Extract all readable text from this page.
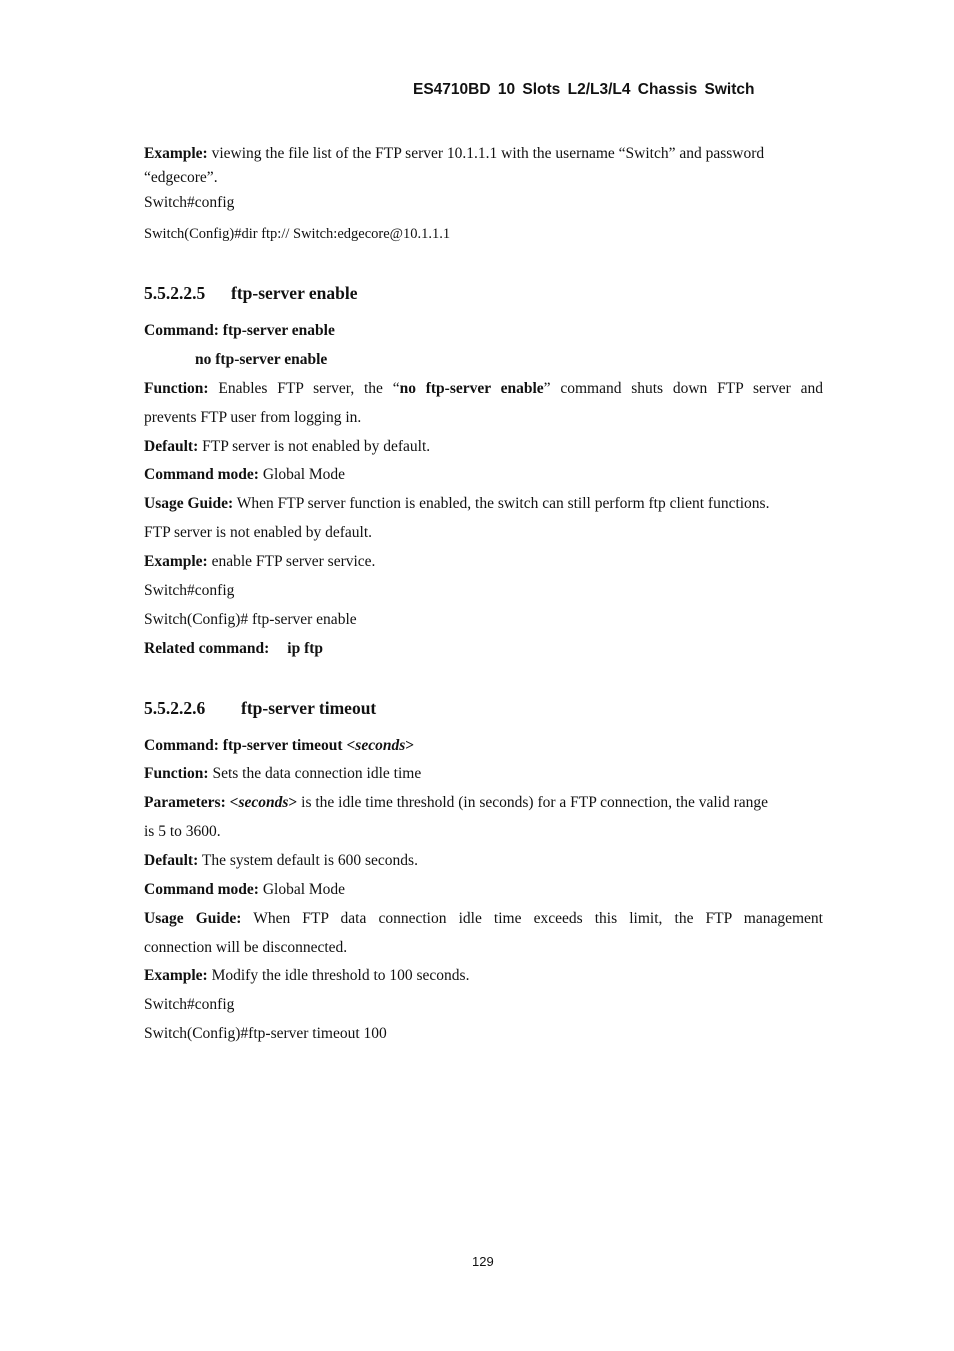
ES4710BD 10 Slots L2/L3/L4 Chassis Switch
Example: viewing the file list of the FTP server 10.1.1.1 with the username “Switch” and password
“edgecore”.
Switch#config
Switch(Config)#dir ftp:// Switch:edgecore@10.1.1.1
5.5.2.2.5 ftp-server enable
Command: ftp-server enable
no ftp-server enable
Function: Enables FTP server, the “no ftp-server enable” command shuts down FTP server and
prevents FTP user from logging in.
Default: FTP server is not enabled by default.
Command mode: Global Mode
Usage Guide: When FTP server function is enabled, the switch can still perform ftp client functions.
FTP server is not enabled by default.
Example: enable FTP server service.
Switch#config
Switch(Config)# ftp-server enable
Related command: ip ftp
5.5.2.2.6 ftp-server timeout
Command: ftp-server timeout <seconds>
Function: Sets the data connection idle time
Parameters: <seconds> is the idle time threshold (in seconds) for a FTP connection, the valid range
is 5 to 3600.
Default: The system default is 600 seconds.
Command mode: Global Mode
Usage Guide: When FTP data connection idle time exceeds this limit, the FTP management
connection will be disconnected.
Example: Modify the idle threshold to 100 seconds.
Switch#config
Switch(Config)#ftp-server timeout 100
129
